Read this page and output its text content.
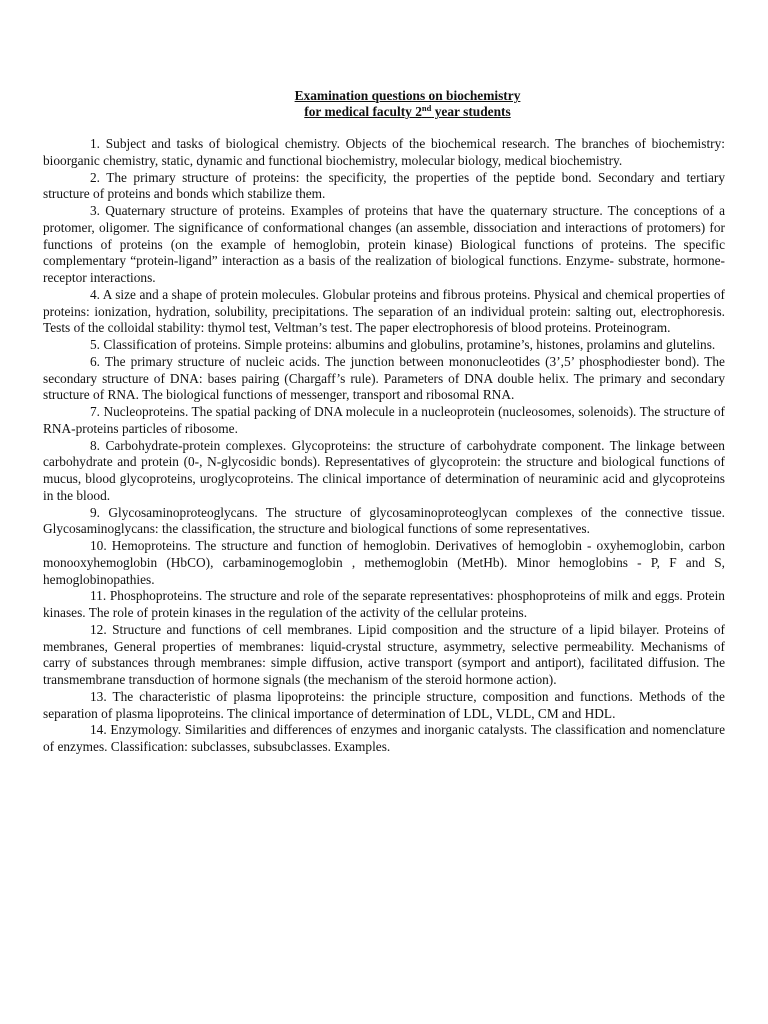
Examination questions on biochemistry
for medical faculty 2nd year students

1. Subject and tasks of biological chemistry. Objects of the biochemical research. The branches of biochemistry: bioorganic chemistry, static, dynamic and functional biochemistry, molecular biology, medical biochemistry.

2. The primary structure of proteins: the specificity, the properties of the peptide bond. Secondary and tertiary structure of proteins and bonds which stabilize them.

3. Quaternary structure of proteins. Examples of proteins that have the quaternary structure. The conceptions of a protomer, oligomer. The significance of conformational changes (an assemble, dissociation and interactions of protomers) for functions of proteins (on the example of hemoglobin, protein kinase) Biological functions of proteins. The specific complementary “protein-ligand” interaction as a basis of the realization of biological functions. Enzyme- substrate, hormone-receptor interactions.

4. A size and a shape of protein molecules. Globular proteins and fibrous proteins. Physical and chemical properties of proteins: ionization, hydration, solubility, precipitations. The separation of an individual protein: salting out, electrophoresis. Tests of the colloidal stability: thymol test, Veltman’s test. The paper electrophoresis of blood proteins. Proteinogram.

5. Classification of proteins. Simple proteins: albumins and globulins, protamine’s, histones, prolamins and glutelins.

6. The primary structure of nucleic acids. The junction between mononucleotides (3’,5’ phosphodiester bond). The secondary structure of DNA: bases pairing (Chargaff’s rule). Parameters of DNA double helix. The primary and secondary structure of RNA. The biological functions of messenger, transport and ribosomal RNA.

7. Nucleoproteins. The spatial packing of DNA molecule in a nucleoprotein (nucleosomes, solenoids). The structure of RNA-proteins particles of ribosome.

8. Carbohydrate-protein complexes. Glycoproteins: the structure of carbohydrate component. The linkage between carbohydrate and protein (0-, N-glycosidic bonds). Representatives of glycoprotein: the structure and biological functions of mucus, blood glycoproteins, uroglycoproteins. The clinical importance of determination of neuraminic acid and glycoproteins in the blood.

9. Glycosaminoproteoglycans. The structure of glycosaminoproteoglycan complexes of the connective tissue. Glycosaminoglycans: the classification, the structure and biological functions of some representatives.

10. Hemoproteins. The structure and function of hemoglobin. Derivatives of hemoglobin - oxyhemoglobin, carbon monooxyhemoglobin (HbCO), carbaminogemoglobin , methemoglobin (MetHb). Minor hemoglobins - P, F and S, hemoglobinopathies.

11. Phosphoproteins. The structure and role of the separate representatives: phosphoproteins of milk and eggs. Protein kinases. The role of protein kinases in the regulation of the activity of the cellular proteins.

12. Structure and functions of cell membranes. Lipid composition and the structure of a lipid bilayer. Proteins of membranes, General properties of membranes: liquid-crystal structure, asymmetry, selective permeability. Mechanisms of carry of substances through membranes: simple diffusion, active transport (symport and antiport), facilitated diffusion. The transmembrane transduction of hormone signals (the mechanism of the steroid hormone action).

13. The characteristic of plasma lipoproteins: the principle structure, composition and functions. Methods of the separation of plasma lipoproteins. The clinical importance of determination of LDL, VLDL, CM and HDL.

14. Enzymology. Similarities and differences of enzymes and inorganic catalysts. The classification and nomenclature of enzymes. Classification: subclasses, subsubclasses. Examples.
